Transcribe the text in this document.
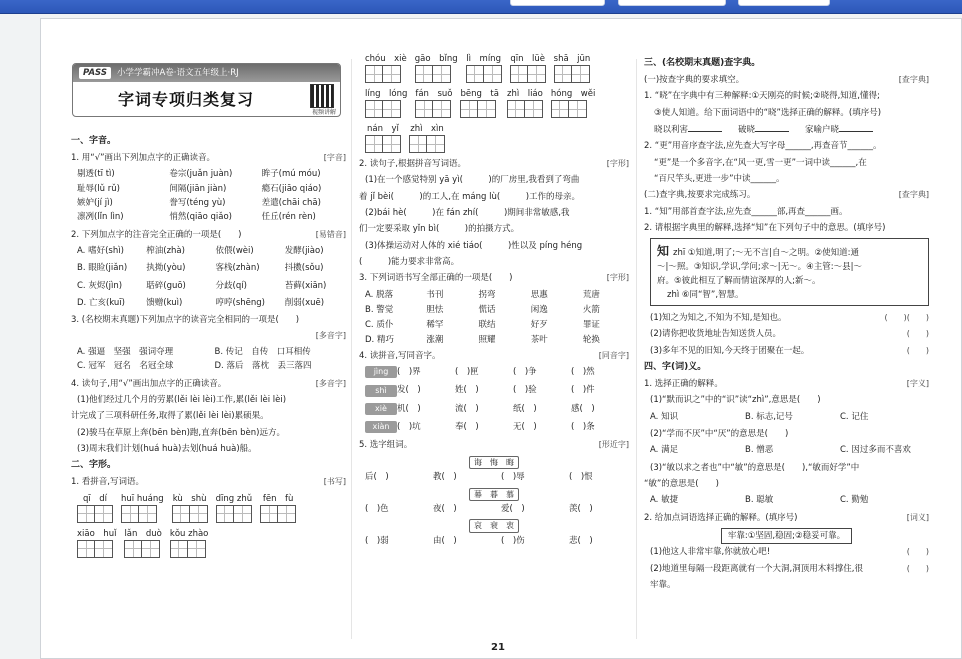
PASS 小学学霸冲A卷·语文五年级上·RJ
字词专项归类复习
视频讲解
一、字音。
1. 用“√”画出下列加点字的正确读音。	[字音]
剔透(tī tì)	卷宗(juǎn juàn)	眸子(mú móu)
耻辱(lǔ rǔ)	间隔(jiān jiàn)	瘾石(jiāo qiáo)
嫉妒(jí jì)	誊写(téng yù)	差遣(chāi chā)
凛冽(lǐn lìn)	悄然(qiāo qiǎo)	任丘(rén rèn)
2. 下列加点字的注音完全正确的一项是(　　)	[易错音]
A. 嗜好(shì)	榨油(zhà)	依偎(wèi)	发酵(jiào)
B. 眼睑(jiǎn)	执拗(yòu)	客栈(zhàn)	抖擞(sǒu)
C. 灰烬(jìn)	聒碎(guō)	分歧(qí)	苔藓(xiān)
D. 亡亥(kuī)	馈赠(kuì)	哼哼(shēng)	削弱(xuē)
3. (名校期末真题)下列加点字的读音完全相同的一项是(　　)
[多音字]
A. 强逼　坚强　强词夺理	B. 传记　自传　口耳相传
C. 冠军　冠名　名冠全球	D. 落后　落枕　丢三落四
4. 读句子,用“√”画出加点字的正确读音。	[多音字]
(1)他们经过几个月的劳累(lěi lèi lèi)工作,累(lěi lèi lèi)
计完成了三项科研任务,取得了累(lěi lèi lèi)累硕果。
(2)骏马在草原上奔(bēn bèn)跑,直奔(bēn bèn)远方。
(3)周末我们计划(huá huà)去划(huá huà)船。
二、字形。
1. 看拼音,写词语。	[书写]
qī　dí	huī huáng kù　shù dīng zhǔ	fēn　fù
xiāo　huǐ lǎn　duò kǒu zhào
chóu　xiè gāo　bǐng lì　míng qīn　lüè shā　jūn
líng　lóng fán　suǒ bēng　tā zhì　liáo hóng　wěi
nán　yǐ zhì　xìn
2. 读句子,根据拼音写词语。	[字形]
(1)在一个感觉特别 yā yì(　　　)的厂房里,我看到了弯曲
着 jǐ bèi(　　　)的工人,在 máng lù(　　　)工作的母亲。
(2)bái hè(　　　)在 fán zhí(　　　)期间非常敏感,我
们一定要采取 yǐn bì(　　　)的拍摄方式。
(3)体操运动对人体的 xié tiáo(　　　)性以及 píng héng
(　　　)能力要求非常高。
3. 下列词语书写全部正确的一项是(　　)	[字形]
A. 脱落	书刊	拐弯	思惠	荒唐
B. 警觉	胆怯	慌话	闲逸	火箭
C. 质仆	稀罕	联结	好歹	罪证
D. 精巧	涨潮	照耀	茶叶	轮换
4. 读拼音,写同音字。	[同音字]
jìng	(　)界	(　)匣	(　)争	(　)然
shì	发(　)	姓(　)	(　)验	(　)件
xiè	机(　)	流(　)	纸(　)	感(　)
xiàn (　)坑	奉(　)	无(　)	(　)条
5. 选字组词。	[形近字]
诲　悔　晦
后(　)	教(　)	(　)辱	(　)恨
幕　暮　慕
(　)色	夜(　)	爱(　)	羡(　)
哀　衰　衷
(　)弱	由(　)	(　)伤	悲(　)
三、(名校期末真题)查字典。
(一)按查字典的要求填空。	[查字典]
1. “晓”在字典中有三种解释:①天刚亮的时候;②晓得,知道,懂得;
③使人知道。给下面词语中的“晓”选择正确的解释。(填序号)
晓以利害	破晓	家喻户晓
2. “更”用音序查字法,应先查大写字母______,再查音节______。
“更”是一个多音字,在“风一更,雪一更”一词中读______,在
“百尺竿头,更进一步”中读______。
(二)查字典,按要求完成练习。	[查字典]
1. “知”用部首查字法,应先查______部,再查______画。
2. 请根据字典里的解释,选择“知”在下列句子中的意思。(填序号)
知 zhī ①知道,明了;～无不言|自～之明。②使知道:通
～|～照。③知识,学识,学问;求～|无～。④主管:～县|～
府。⑤彼此相互了解而情谊深厚的人;新～。
zhì ⑥同“智”,智慧。
(1)知之为知之,不知为不知,是知也。	(　　)(　　)
(2)请你把收货地址告知送货人员。	(　　)
(3)多年不见的旧知,今天终于团聚在一起。	(　　)
四、字(词)义。
1. 选择正确的解释。	[字义]
(1)“默而识之”中的“识”读“zhì”,意思是(　　)
A. 知识	B. 标志,记号	C. 记住
(2)“学而不厌”中“厌”的意思是(　　)
A. 满足	B. 憎恶	C. 因过多而不喜欢
(3)“敏以求之者也”中“敏”的意思是(　　),“敏而好学”中
“敏”的意思是(　　)
A. 敏捷	B. 聪敏	C. 勤勉
2. 给加点词语选择正确的解释。(填序号)	[词义]
牢靠:①坚固,稳固;②稳妥可靠。
(1)他这人非常牢靠,你就放心吧!	(　　)
(2)地道里每隔一段距离就有一个大洞,洞顶用木料撑住,很	(　　)
牢靠。
21
